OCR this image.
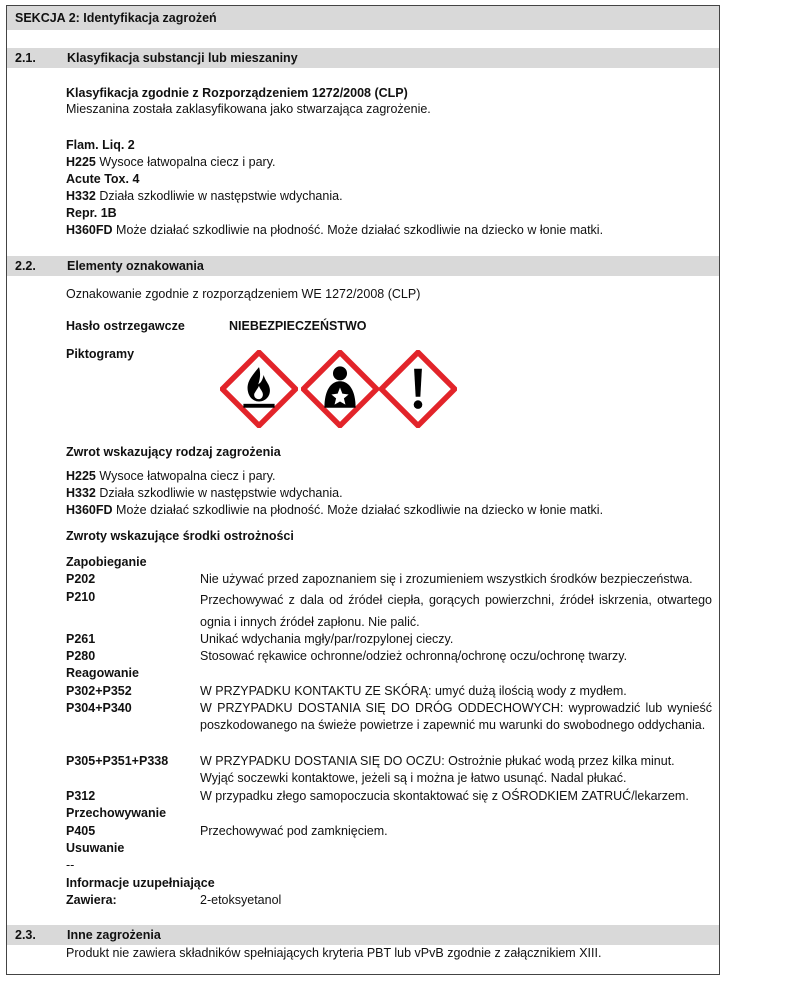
SEKCJA 2: Identyfikacja zagrożeń
2.1. Klasyfikacja substancji lub mieszaniny
Klasyfikacja zgodnie z Rozporządzeniem 1272/2008 (CLP)
Mieszanina została zaklasyfikowana jako stwarzająca zagrożenie.
Flam. Liq. 2
H225 Wysoce łatwopalna ciecz i pary.
Acute Tox. 4
H332 Działa szkodliwie w następstwie wdychania.
Repr. 1B
H360FD Może działać szkodliwie na płodność. Może działać szkodliwie na dziecko w łonie matki.
2.2. Elementy oznakowania
Oznakowanie zgodnie z rozporządzeniem WE 1272/2008 (CLP)
Hasło ostrzegawcze	NIEBEZPIECZEŃSTWO
Piktogramy
Zwrot wskazujący rodzaj zagrożenia
H225 Wysoce łatwopalna ciecz i pary.
H332 Działa szkodliwie w następstwie wdychania.
H360FD Może działać szkodliwie na płodność. Może działać szkodliwie na dziecko w łonie matki.
Zwroty wskazujące środki ostrożności
Zapobieganie
P202	Nie używać przed zapoznaniem się i zrozumieniem wszystkich środków bezpieczeństwa.
P210	Przechowywać z dala od źródeł ciepła, gorących powierzchni, źródeł iskrzenia, otwartego ognia i innych źródeł zapłonu. Nie palić.
P261	Unikać wdychania mgły/par/rozpylonej cieczy.
P280	Stosować rękawice ochronne/odzież ochronną/ochronę oczu/ochronę twarzy.
Reagowanie
P302+P352	W PRZYPADKU KONTAKTU ZE SKÓRĄ: umyć dużą ilością wody z mydłem.
P304+P340	W PRZYPADKU DOSTANIA SIĘ DO DRÓG ODDECHOWYCH: wyprowadzić lub wynieść poszkodowanego na świeże powietrze i zapewnić mu warunki do swobodnego oddychania.
P305+P351+P338	W PRZYPADKU DOSTANIA SIĘ DO OCZU: Ostrożnie płukać wodą przez kilka minut. Wyjąć soczewki kontaktowe, jeżeli są i można je łatwo usunąć. Nadal płukać.
P312	W przypadku złego samopoczucia skontaktować się z OŚRODKIEM ZATRUĆ/lekarzem.
Przechowywanie
P405	Przechowywać pod zamknięciem.
Usuwanie
--
Informacje uzupełniające
Zawiera:	2-etoksyetanol
2.3. Inne zagrożenia
Produkt nie zawiera składników spełniających kryteria PBT lub vPvB zgodnie z załącznikiem XIII.
